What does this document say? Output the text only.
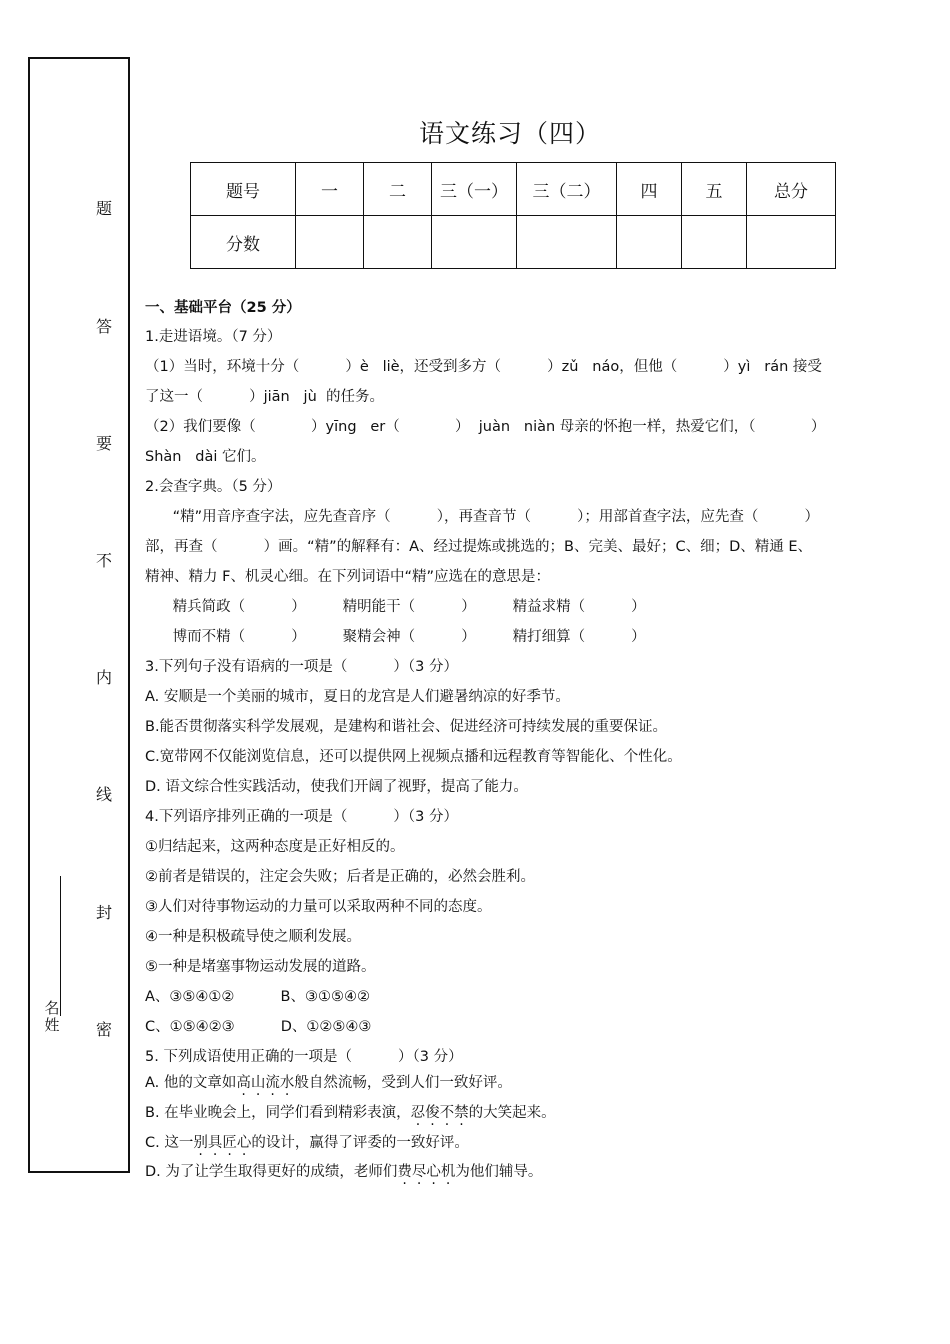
题
答
要
不
内
线
封
密
名
姓
语文练习（四）
题号	一	二	三（一）	三（二）	四	五	总分
分数							
一、基础平台（25 分）
1.走进语境。（7 分）
（1）当时，环境十分（          ）è   liè，还受到多方（          ）zǔ   náo，但他（          ）yì   rán 接受
了这一（          ）jiān   jù  的任务。
（2）我们要像（            ）yīng   er（            ）  juàn   niàn 母亲的怀抱一样，热爱它们，（            ）
Shàn   dài 它们。
2.会查字典。（5 分）
“精”用音序查字法，应先查音序（          ），再查音节（          ）；用部首查字法，应先查（          ）
部，再查（          ）画。“精”的解释有：A、经过提炼或挑选的；B、完美、最好；C、细；D、精通 E、
精神、精力 F、机灵心细。在下列词语中“精”应选在的意思是：
精兵简政（          ）        精明能干（          ）        精益求精（          ）
博而不精（          ）        聚精会神（          ）        精打细算（          ）
3.下列句子没有语病的一项是（          ）（3 分）
A. 安顺是一个美丽的城市，夏日的龙宫是人们避暑纳凉的好季节。
B.能否贯彻落实科学发展观，是建构和谐社会、促进经济可持续发展的重要保证。
C.宽带网不仅能浏览信息，还可以提供网上视频点播和远程教育等智能化、个性化。
D. 语文综合性实践活动，使我们开阔了视野，提高了能力。
4.下列语序排列正确的一项是（          ）（3 分）
①归结起来，这两种态度是正好相反的。
②前者是错误的，注定会失败；后者是正确的，必然会胜利。
③人们对待事物运动的力量可以采取两种不同的态度。
④一种是积极疏导使之顺利发展。
⑤一种是堵塞事物运动发展的道路。
A、③⑤④①②          B、③①⑤④②
C、①⑤④②③          D、①②⑤④③
5. 下列成语使用正确的一项是（          ）（3 分）
A. 他的文章如高山流水般自然流畅，受到人们一致好评。
B. 在毕业晚会上，同学们看到精彩表演，忍俊不禁的大笑起来。
C. 这一别具匠心的设计，赢得了评委的一致好评。
D. 为了让学生取得更好的成绩，老师们费尽心机为他们辅导。
